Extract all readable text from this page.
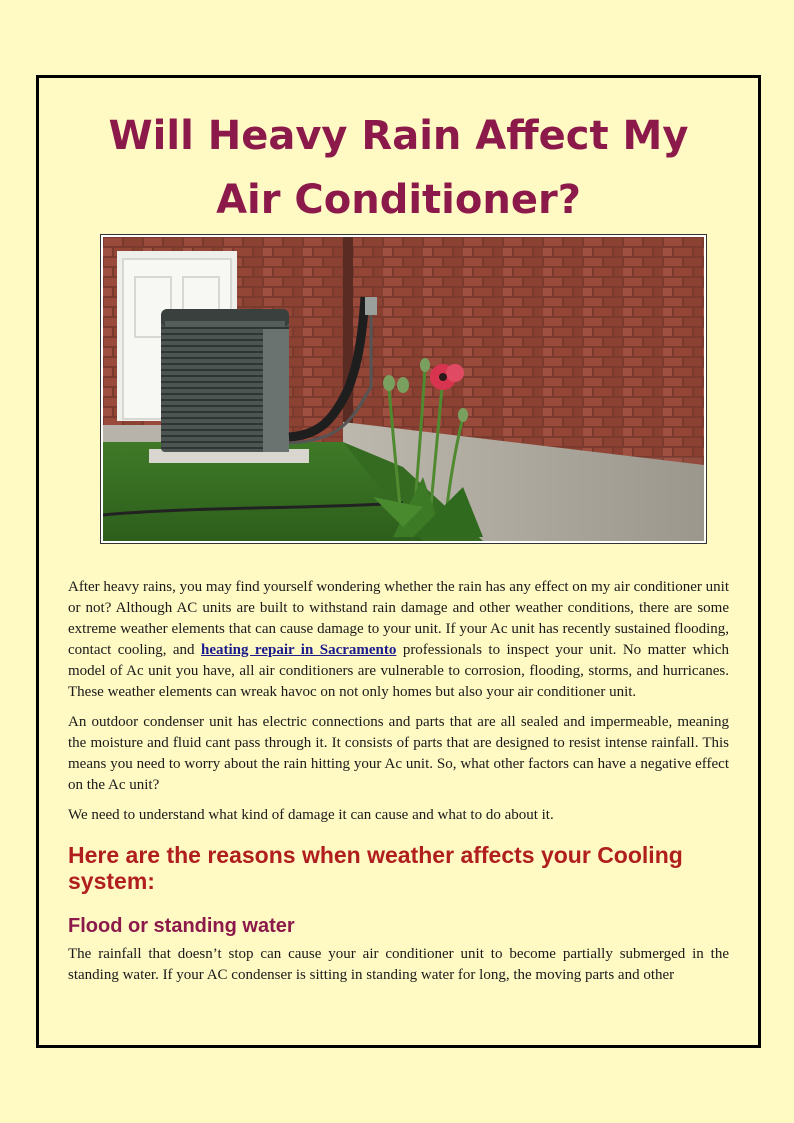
Will Heavy Rain Affect My
Air Conditioner?

After heavy rains, you may find yourself wondering whether the rain has any effect on my air conditioner unit or not? Although AC units are built to withstand rain damage and other weather conditions, there are some extreme weather elements that can cause damage to your unit. If your Ac unit has recently sustained flooding, contact cooling, and heating repair in Sacramento professionals to inspect your unit. No matter which model of Ac unit you have, all air conditioners are vulnerable to corrosion, flooding, storms, and hurricanes. These weather elements can wreak havoc on not only homes but also your air conditioner unit.

An outdoor condenser unit has electric connections and parts that are all sealed and impermeable, meaning the moisture and fluid cant pass through it. It consists of parts that are designed to resist intense rainfall. This means you need to worry about the rain hitting your Ac unit. So, what other factors can have a negative effect on the Ac unit?

We need to understand what kind of damage it can cause and what to do about it.

Here are the reasons when weather affects your Cooling system:
Flood or standing water

The rainfall that doesn’t stop can cause your air conditioner unit to become partially submerged in the standing water. If your AC condenser is sitting in standing water for long, the moving parts and other
